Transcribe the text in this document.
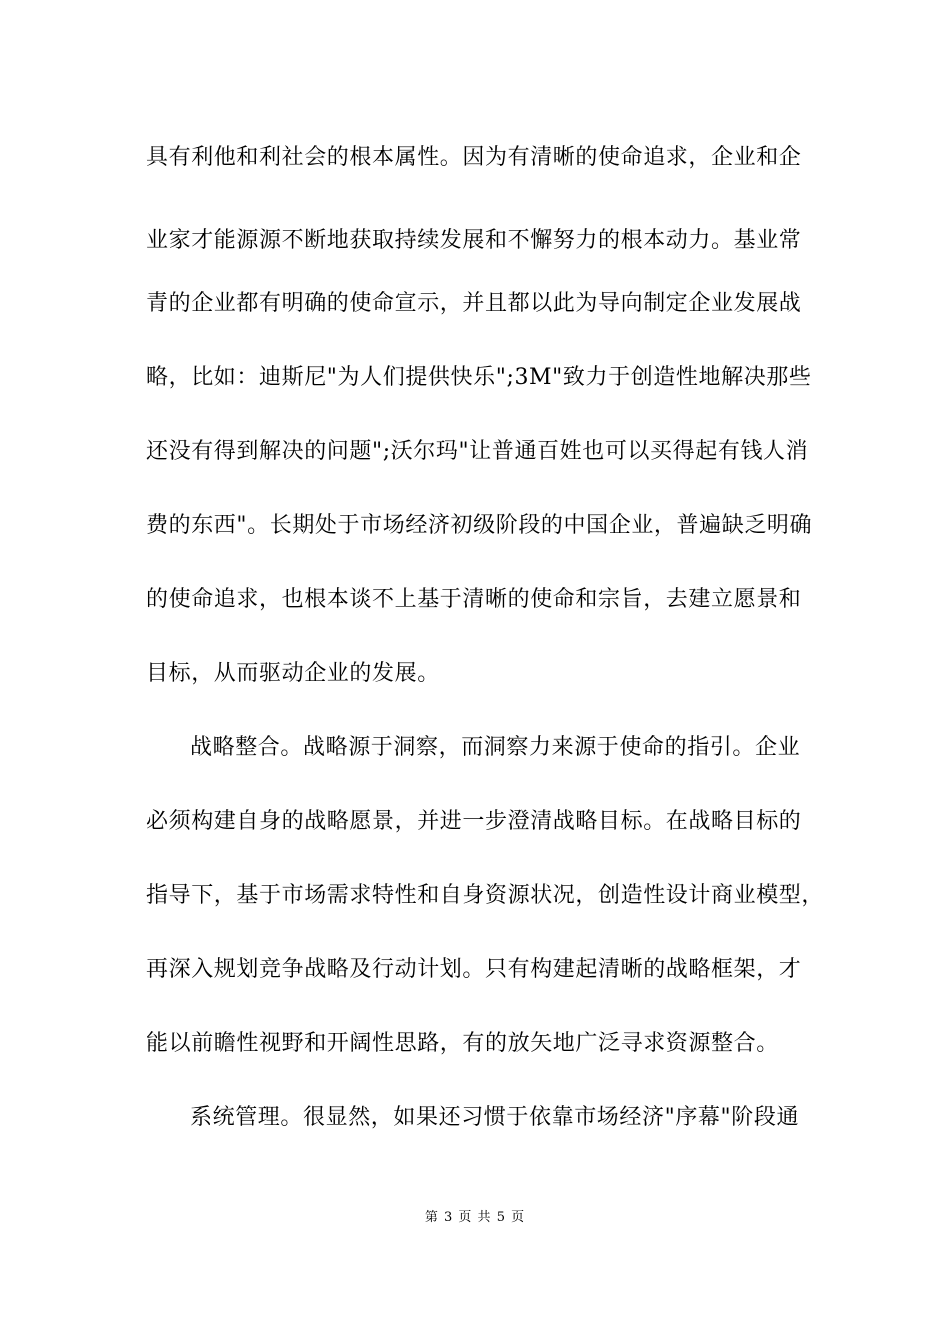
具有利他和利社会的根本属性。因为有清晰的使命追求，企业和企
业家才能源源不断地获取持续发展和不懈努力的根本动力。基业常
青的企业都有明确的使命宣示，并且都以此为导向制定企业发展战
略，比如：迪斯尼"为人们提供快乐";3M"致力于创造性地解决那些
还没有得到解决的问题";沃尔玛"让普通百姓也可以买得起有钱人消
费的东西"。长期处于市场经济初级阶段的中国企业，普遍缺乏明确
的使命追求，也根本谈不上基于清晰的使命和宗旨，去建立愿景和
目标，从而驱动企业的发展。
战略整合。战略源于洞察，而洞察力来源于使命的指引。企业
必须构建自身的战略愿景，并进一步澄清战略目标。在战略目标的
指导下，基于市场需求特性和自身资源状况，创造性设计商业模型，
再深入规划竞争战略及行动计划。只有构建起清晰的战略框架，才
能以前瞻性视野和开阔性思路，有的放矢地广泛寻求资源整合。
系统管理。很显然，如果还习惯于依靠市场经济"序幕"阶段通
第 3 页 共 5 页
